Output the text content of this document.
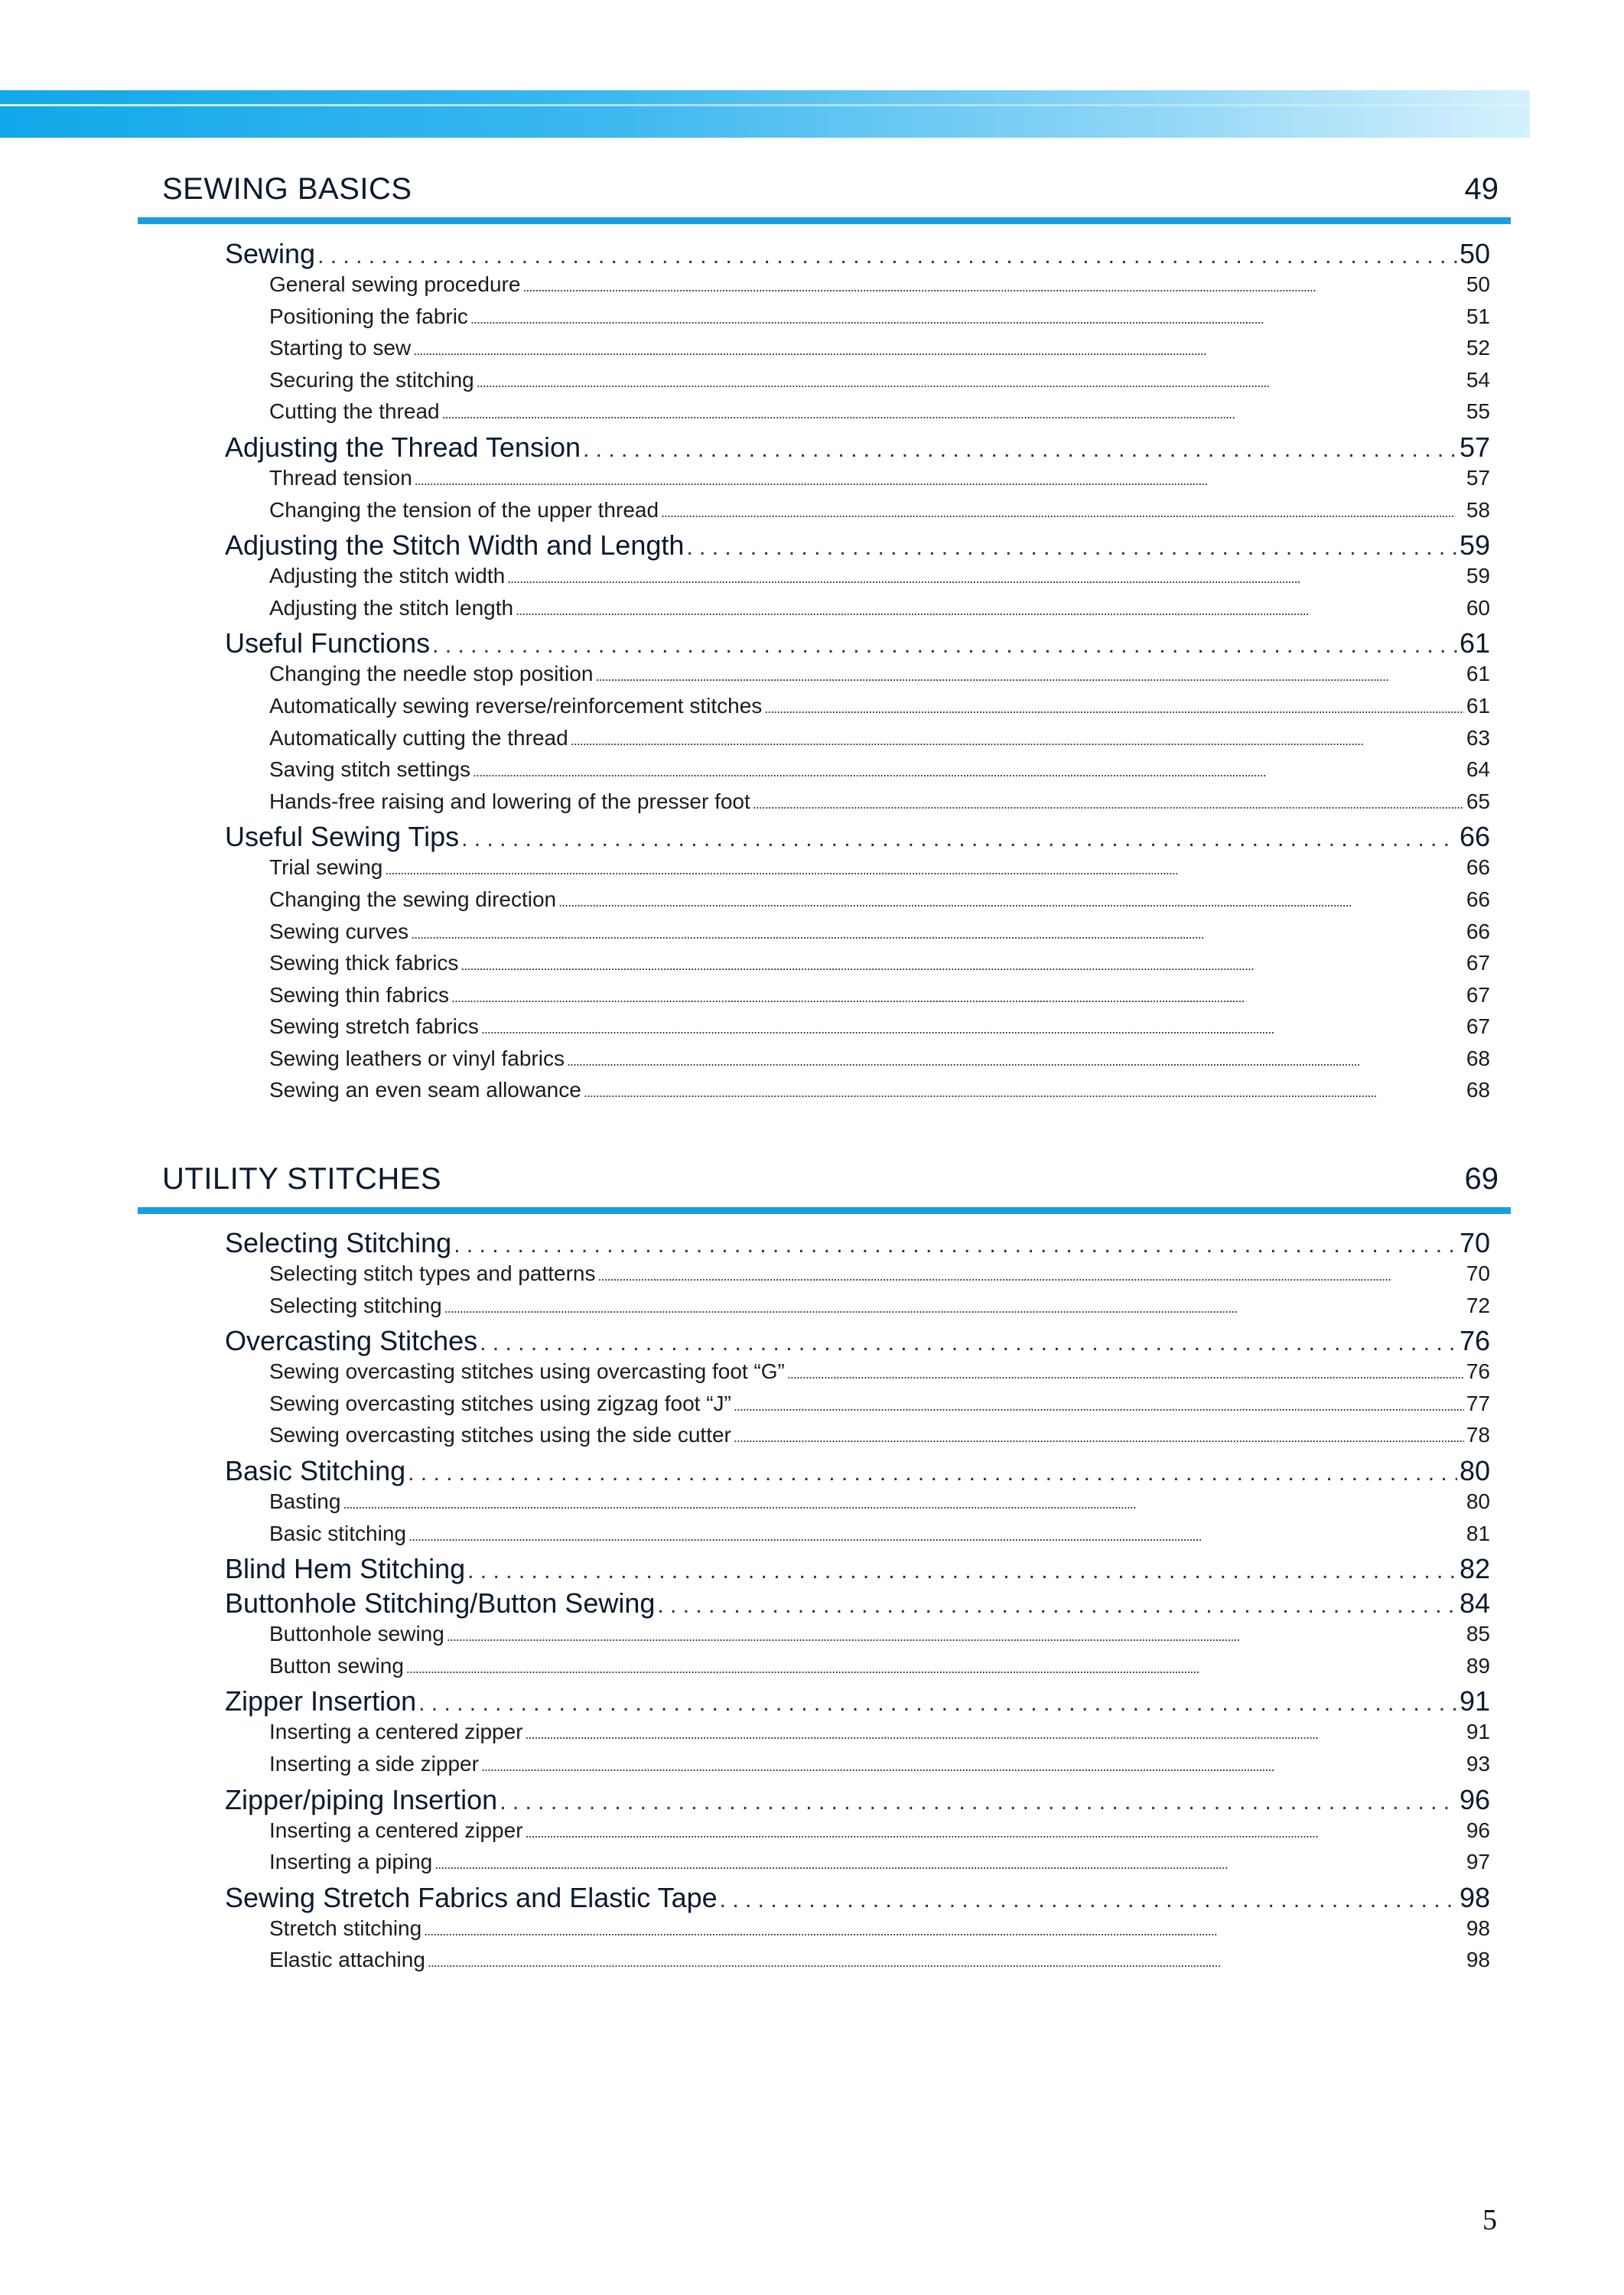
SEWING BASICS	49
Sewing . . .	50
General sewing procedure . . .	50
Positioning the fabric . . .	51
Starting to sew . . .	52
Securing the stitching . . .	54
Cutting the thread . . .	55
Adjusting the Thread Tension . . .	57
Thread tension . . .	57
Changing the tension of the upper thread . . .	58
Adjusting the Stitch Width and Length . . .	59
Adjusting the stitch width . . .	59
Adjusting the stitch length . . .	60
Useful Functions . . .	61
Changing the needle stop position . . .	61
Automatically sewing reverse/reinforcement stitches . . .	61
Automatically cutting the thread . . .	63
Saving stitch settings . . .	64
Hands-free raising and lowering of the presser foot . . .	65
Useful Sewing Tips . . .	66
Trial sewing . . .	66
Changing the sewing direction . . .	66
Sewing curves . . .	66
Sewing thick fabrics . . .	67
Sewing thin fabrics . . .	67
Sewing stretch fabrics . . .	67
Sewing leathers or vinyl fabrics . . .	68
Sewing an even seam allowance . . .	68
UTILITY STITCHES	69
Selecting Stitching . . .	70
Selecting stitch types and patterns . . .	70
Selecting stitching . . .	72
Overcasting Stitches . . .	76
Sewing overcasting stitches using overcasting foot “G” . . .	76
Sewing overcasting stitches using zigzag foot “J” . . .	77
Sewing overcasting stitches using the side cutter . . .	78
Basic Stitching . . .	80
Basting . . .	80
Basic stitching . . .	81
Blind Hem Stitching . . .	82
Buttonhole Stitching/Button Sewing . . .	84
Buttonhole sewing . . .	85
Button sewing . . .	89
Zipper Insertion . . .	91
Inserting a centered zipper . . .	91
Inserting a side zipper . . .	93
Zipper/piping Insertion . . .	96
Inserting a centered zipper . . .	96
Inserting a piping . . .	97
Sewing Stretch Fabrics and Elastic Tape . . .	98
Stretch stitching . . .	98
Elastic attaching . . .	98
5
